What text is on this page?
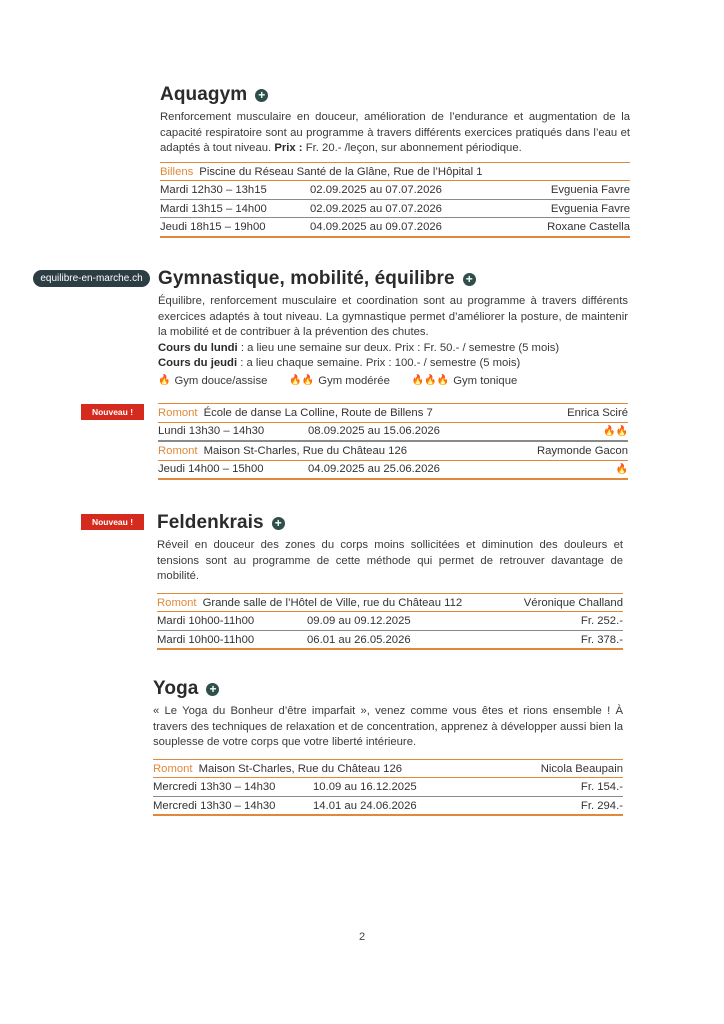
Aquagym +
Renforcement musculaire en douceur, amélioration de l’endurance et augmentation de la capacité respiratoire sont au programme à travers différents exercices pratiqués dans l’eau et adaptés à tout niveau. Prix : Fr. 20.- /leçon, sur abonnement périodique.
Billens Piscine du Réseau Santé de la Glâne, Rue de l’Hôpital 1
Mardi 12h30 – 13h15	02.09.2025 au 07.07.2026	Evguenia Favre
Mardi 13h15 – 14h00	02.09.2025 au 07.07.2026	Evguenia Favre
Jeudi 18h15 – 19h00	04.09.2025 au 09.07.2026	Roxane Castella
equilibre-en-marche.ch Gymnastique, mobilité, équilibre +
Équilibre, renforcement musculaire et coordination sont au programme à travers différents exercices adaptés à tout niveau. La gymnastique permet d’améliorer la posture, de maintenir la mobilité et de contribuer à la prévention des chutes.
Cours du lundi : a lieu une semaine sur deux. Prix : Fr. 50.- / semestre (5 mois)
Cours du jeudi : a lieu chaque semaine. Prix : 100.- / semestre (5 mois)
🔥 Gym douce/assise 🔥🔥 Gym modérée 🔥🔥🔥 Gym tonique
Nouveau !	Romont École de danse La Colline, Route de Billens 7	Enrica Sciré
Lundi 13h30 – 14h30	08.09.2025 au 15.06.2026	🔥🔥
Romont Maison St-Charles, Rue du Château 126	Raymonde Gacon
Jeudi 14h00 – 15h00	04.09.2025 au 25.06.2026	🔥
Nouveau !	Feldenkrais +
Réveil en douceur des zones du corps moins sollicitées et diminution des douleurs et tensions sont au programme de cette méthode qui permet de retrouver davantage de mobilité.
Romont Grande salle de l’Hôtel de Ville, rue du Château 112	Véronique Challand
Mardi 10h00-11h00	09.09 au 09.12.2025	Fr. 252.-
Mardi 10h00-11h00	06.01 au 26.05.2026	Fr. 378.-
Yoga +
« Le Yoga du Bonheur d’être imparfait », venez comme vous êtes et rions ensemble ! À travers des techniques de relaxation et de concentration, apprenez à développer aussi bien la souplesse de votre corps que votre liberté intérieure.
Romont Maison St-Charles, Rue du Château 126	Nicola Beaupain
Mercredi 13h30 – 14h30	10.09 au 16.12.2025	Fr. 154.-
Mercredi 13h30 – 14h30	14.01 au 24.06.2026	Fr. 294.-
2
